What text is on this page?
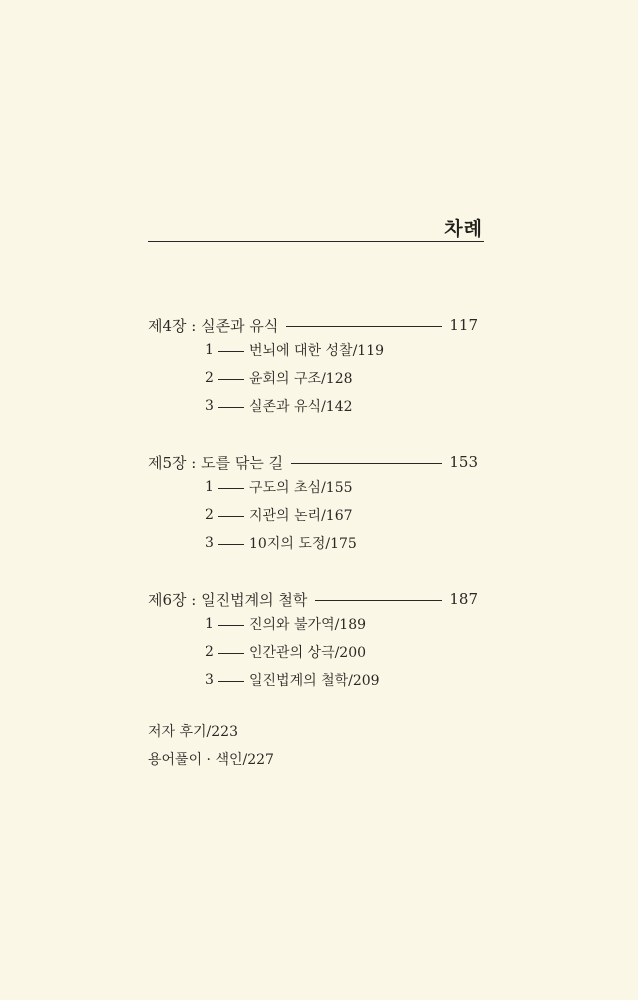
차례
제4장 : 실존과 유식	117
1	번뇌에 대한 성찰/119
2	윤회의 구조/128
3	실존과 유식/142
제5장 : 도를 닦는 길	153
1	구도의 초심/155
2	지관의 논리/167
3	10지의 도정/175
제6장 : 일진법계의 철학	187
1	진의와 불가역/189
2	인간관의 상극/200
3	일진법계의 철학/209
저자 후기/223
용어풀이 · 색인/227
